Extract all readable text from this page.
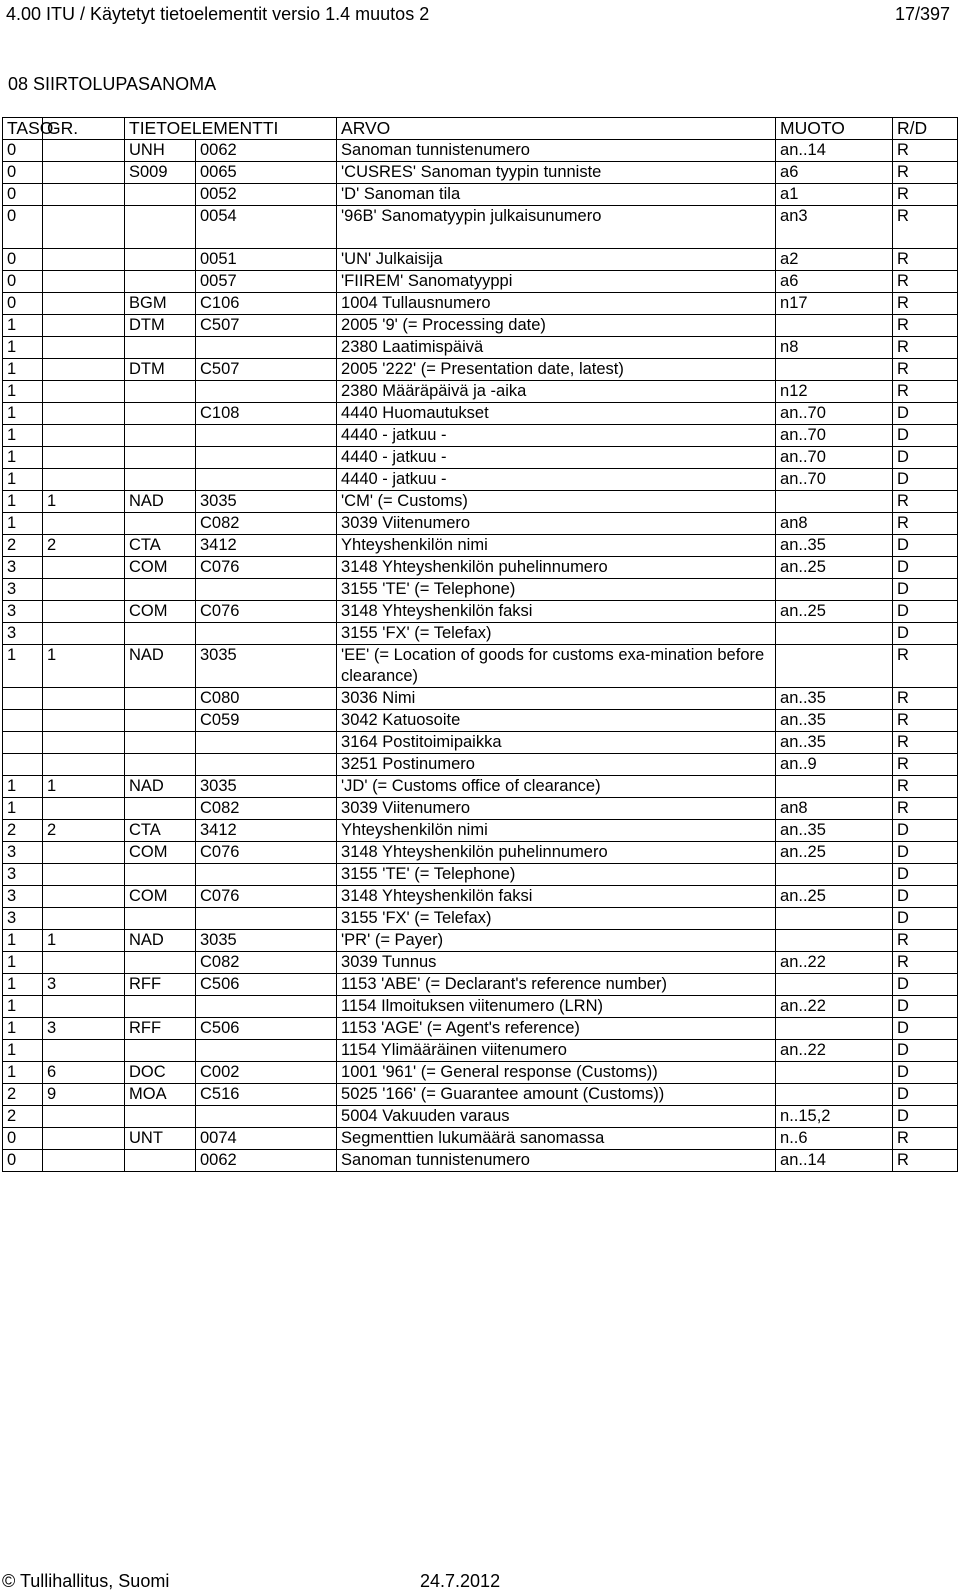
4.00 ITU / Käytetyt tietoelementit versio 1.4 muutos 2	17/397
08 SIIRTOLUPASANOMA
TASO	GR.	TIETOELEMENTTI		ARVO	MUOTO	R/D
0		UNH	0062	Sanoman tunnistenumero	an..14	R
0		S009	0065	'CUSRES' Sanoman tyypin tunniste	a6	R
0			0052	'D' Sanoman tila	a1	R
0			0054	'96B' Sanomatyypin julkaisunumero	an3	R
0			0051	'UN' Julkaisija	a2	R
0			0057	'FIIREM' Sanomatyyppi	a6	R
0		BGM	C106	1004 Tullausnumero	n17	R
1		DTM	C507	2005 '9' (= Processing date)		R
1				2380 Laatimispäivä	n8	R
1		DTM	C507	2005 '222' (= Presentation date, latest)		R
1				2380 Määräpäivä ja -aika	n12	R
1			C108	4440 Huomautukset	an..70	D
1				4440 - jatkuu -	an..70	D
1				4440 - jatkuu -	an..70	D
1				4440 - jatkuu -	an..70	D
1	1	NAD	3035	'CM' (= Customs)		R
1			C082	3039 Viitenumero	an8	R
2	2	CTA	3412	Yhteyshenkilön nimi	an..35	D
3		COM	C076	3148 Yhteyshenkilön puhelinnumero	an..25	D
3				3155 'TE' (= Telephone)		D
3		COM	C076	3148 Yhteyshenkilön faksi	an..25	D
3				3155 'FX' (= Telefax)		D
1	1	NAD	3035	'EE' (= Location of goods for customs exa-mination before clearance)		R
			C080	3036 Nimi	an..35	R
			C059	3042 Katuosoite	an..35	R
				3164 Postitoimipaikka	an..35	R
				3251 Postinumero	an..9	R
1	1	NAD	3035	'JD' (= Customs office of clearance)		R
1			C082	3039 Viitenumero	an8	R
2	2	CTA	3412	Yhteyshenkilön nimi	an..35	D
3		COM	C076	3148 Yhteyshenkilön puhelinnumero	an..25	D
3				3155 'TE' (= Telephone)		D
3		COM	C076	3148 Yhteyshenkilön faksi	an..25	D
3				3155 'FX' (= Telefax)		D
1	1	NAD	3035	'PR' (= Payer)		R
1			C082	3039 Tunnus	an..22	R
1	3	RFF	C506	1153 'ABE' (= Declarant's reference number)		D
1				1154 Ilmoituksen viitenumero (LRN)	an..22	D
1	3	RFF	C506	1153 'AGE' (= Agent's reference)		D
1				1154 Ylimääräinen viitenumero	an..22	D
1	6	DOC	C002	1001 '961' (= General response (Customs))		D
2	9	MOA	C516	5025 '166' (= Guarantee amount (Customs))		D
2				5004 Vakuuden varaus	n..15,2	D
0		UNT	0074	Segmenttien lukumäärä sanomassa	n..6	R
0			0062	Sanoman tunnistenumero	an..14	R
© Tullihallitus, Suomi	24.7.2012
